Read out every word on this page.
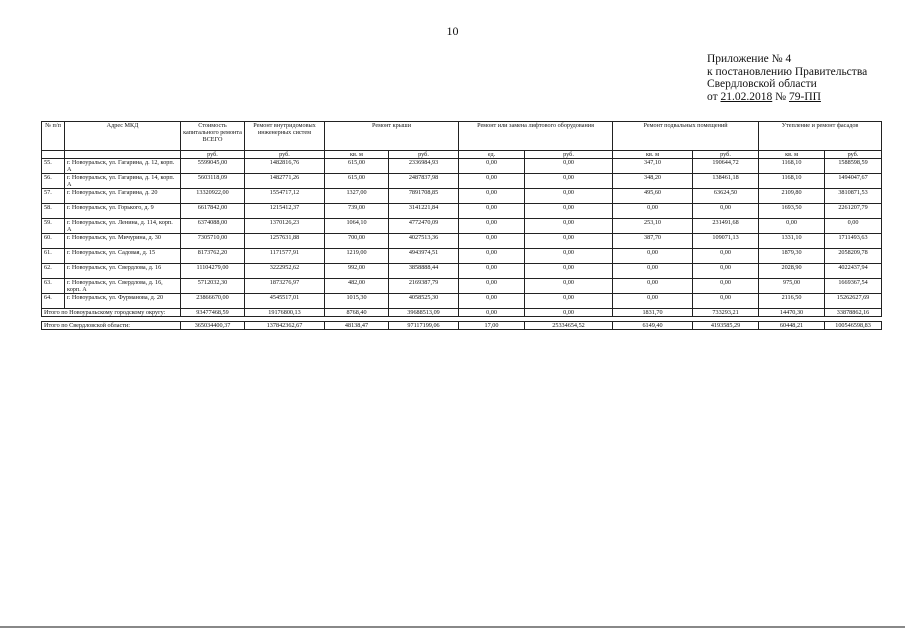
10
Приложение № 4
к постановлению Правительства
Свердловской области
от 21.02.2018 № 79-ПП
№ п/п	Адрес МКД	Стоимость капитального ремонта ВСЕГО	Ремонт внутридомовых инженерных систем	Ремонт крыши		Ремонт или замена лифтового оборудования		Ремонт подвальных помещений		Утепление и ремонт фасадов	
		руб.	руб.	кв. м	руб.	ед.	руб.	кв. м	руб.	кв. м	руб.
55.	г. Новоуральск, ул. Гагарина, д. 12, корп. А	5599045,00	1482816,76	615,00	2336984,93	0,00	0,00	347,10	190644,72	1168,10	1588598,59
56.	г. Новоуральск, ул. Гагарина, д. 14, корп. А	5603118,09	1482771,26	615,00	2487837,98	0,00	0,00	348,20	138461,18	1168,10	1494047,67
57.	г. Новоуральск, ул. Гагарина, д. 20	13320922,00	1554717,12	1327,00	7891708,85	0,00	0,00	495,60	63624,50	2109,80	3810871,53
58.	г. Новоуральск, ул. Горького, д. 9	6617842,00	1215412,37	739,00	3141221,84	0,00	0,00	0,00	0,00	1693,50	2261207,79
59.	г. Новоуральск, ул. Ленина, д. 114, корп. А	6374088,00	1370126,23	1064,10	4772470,09	0,00	0,00	253,10	231491,68	0,00	0,00
60.	г. Новоуральск, ул. Мичурина, д. 30	7305710,00	1257631,88	700,00	4027513,36	0,00	0,00	387,70	109071,13	1331,10	1711493,63
61.	г. Новоуральск, ул. Садовая, д. 15	8173762,20	1171577,91	1219,00	4943974,51	0,00	0,00	0,00	0,00	1879,30	2058209,78
62.	г. Новоуральск, ул. Свердлова, д. 16	11104279,00	3222952,62	992,00	3858888,44	0,00	0,00	0,00	0,00	2028,90	4022437,94
63.	г. Новоуральск, ул. Свердлова, д. 16, корп. А	5712032,30	1873276,97	482,00	2169387,79	0,00	0,00	0,00	0,00	975,00	1669367,54
64.	г. Новоуральск, ул. Фурманова, д. 20	23866670,00	4545517,01	1015,30	4058525,30	0,00	0,00	0,00	0,00	2116,50	15262627,69
Итого по Новоуральскому городскому округу:		93477468,59	19176800,13	8768,40	39688513,09	0,00	0,00	1831,70	733293,21	14470,30	33878862,16

Итого по Свердловской области:		365034400,37	137842362,67	48138,47	97117199,06	17,00	25334654,52	6149,40	4193585,29	60448,21	100546598,83
